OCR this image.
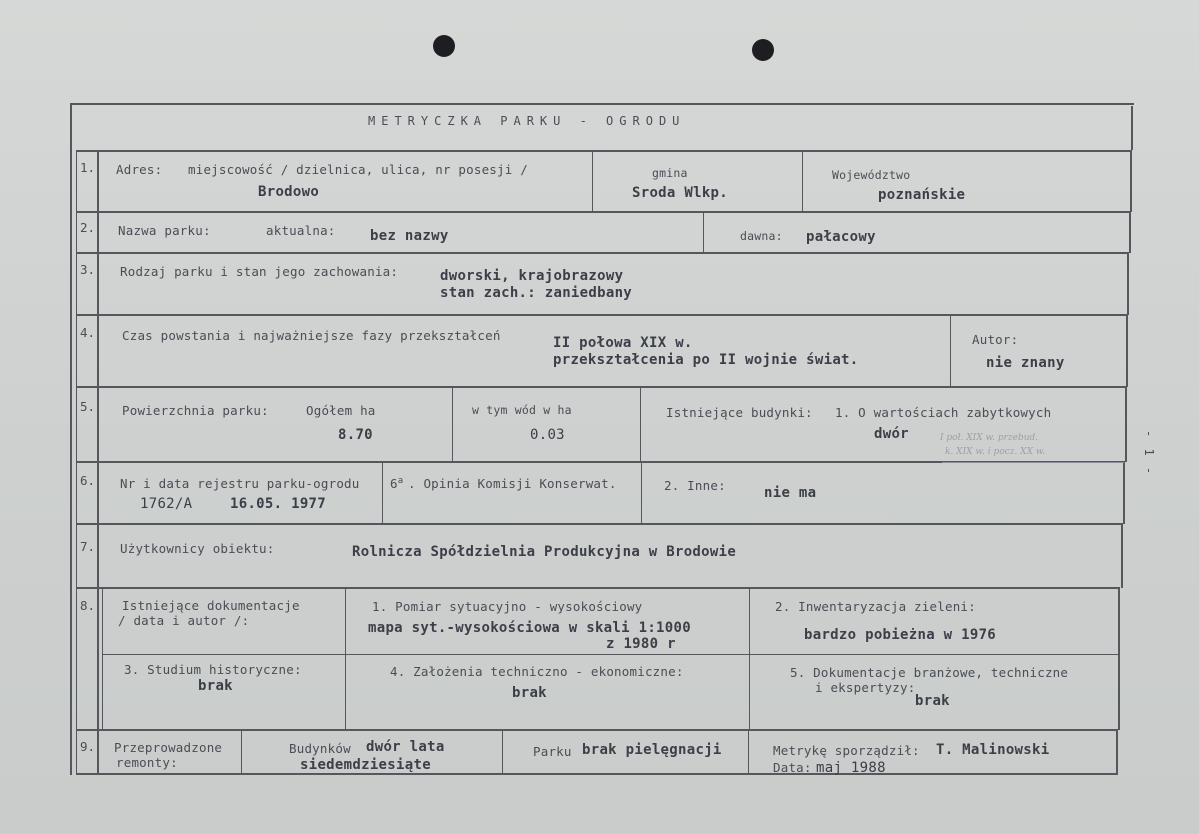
METRYCZKA PARKU - OGRODU
1. Adres: miejscowość / dzielnica, ulica, nr posesji /
Brodowo
gmina
Sroda Wlkp.
Województwo
poznańskie
2. Nazwa parku:	aktualna: bez nazwy	dawna: pałacowy
3. Rodzaj parku i stan jego zachowania:	dworski, krajobrazowy
stan zach.: zaniedbany
4. Czas powstania i najważniejsze fazy przekształceń	II połowa XIX w.
przekształcenia po II wojnie świat.
Autor:
nie znany
5. Powierzchnia parku:	Ogółem ha
8.70
w tym wód w ha
0.03
Istniejące budynki: 1. O wartościach zabytkowych
dwór	I poł. XIX w. przebud.
k. XIX w. i pocz. XX w.
6. Nr i data rejestru parku-ogrodu
1762/A	16.05. 1977
6$^a$ . Opinia Komisji Konserwat.	2. Inne:	nie ma
7. Użytkownicy obiektu:	Rolnicza Spółdzielnia Produkcyjna w Brodowie
8. Istniejące dokumentacje
/ data i autor /:
1. Pomiar sytuacyjno - wysokościowy
mapa syt.-wysokościowa w skali 1:1000
z 1980 r
2. Inwentaryzacja zieleni:
bardzo pobieżna w 1976
3. Studium historyczne:
brak
4. Założenia techniczno - ekonomiczne:
brak
5. Dokumentacje branżowe, techniczne
i ekspertyzy:
brak
9. Przeprowadzone
remonty:
Budynków dwór lata
siedemdziesiąte
Parku brak pielęgnacji	Metrykę sporządził: T. Malinowski
Data: maj 1988
- 1 -
